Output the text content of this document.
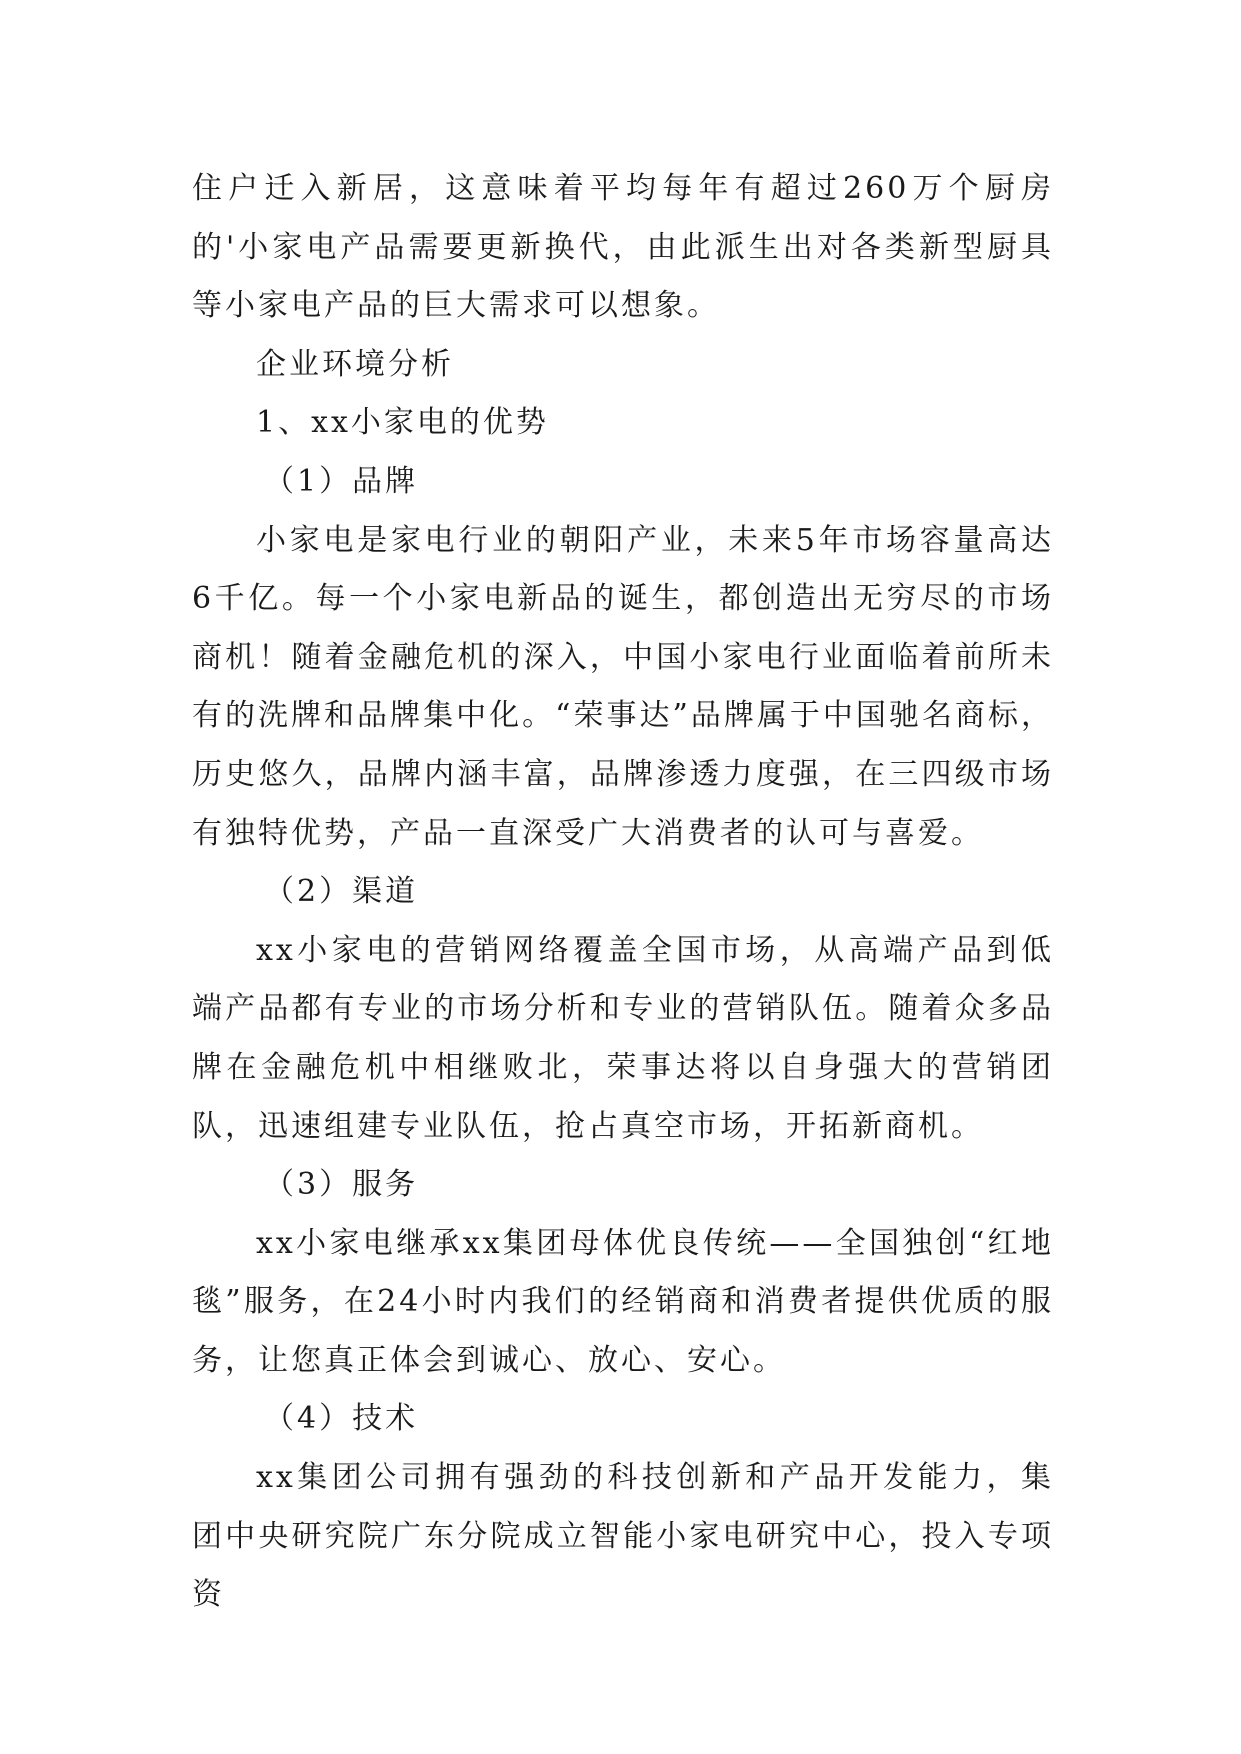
住户迁入新居，这意味着平均每年有超过260万个厨房的'小家电产品需要更新换代，由此派生出对各类新型厨具等小家电产品的巨大需求可以想象。

企业环境分析

1、xx小家电的优势

（1）品牌

小家电是家电行业的朝阳产业，未来5年市场容量高达6千亿。每一个小家电新品的诞生，都创造出无穷尽的市场商机！随着金融危机的深入，中国小家电行业面临着前所未有的洗牌和品牌集中化。“荣事达”品牌属于中国驰名商标，历史悠久，品牌内涵丰富，品牌渗透力度强，在三四级市场有独特优势，产品一直深受广大消费者的认可与喜爱。

（2）渠道

xx小家电的营销网络覆盖全国市场，从高端产品到低端产品都有专业的市场分析和专业的营销队伍。随着众多品牌在金融危机中相继败北，荣事达将以自身强大的营销团队，迅速组建专业队伍，抢占真空市场，开拓新商机。

（3）服务

xx小家电继承xx集团母体优良传统——全国独创“红地毯”服务，在24小时内我们的经销商和消费者提供优质的服务，让您真正体会到诚心、放心、安心。

（4）技术

xx集团公司拥有强劲的科技创新和产品开发能力，集团中央研究院广东分院成立智能小家电研究中心，投入专项资
